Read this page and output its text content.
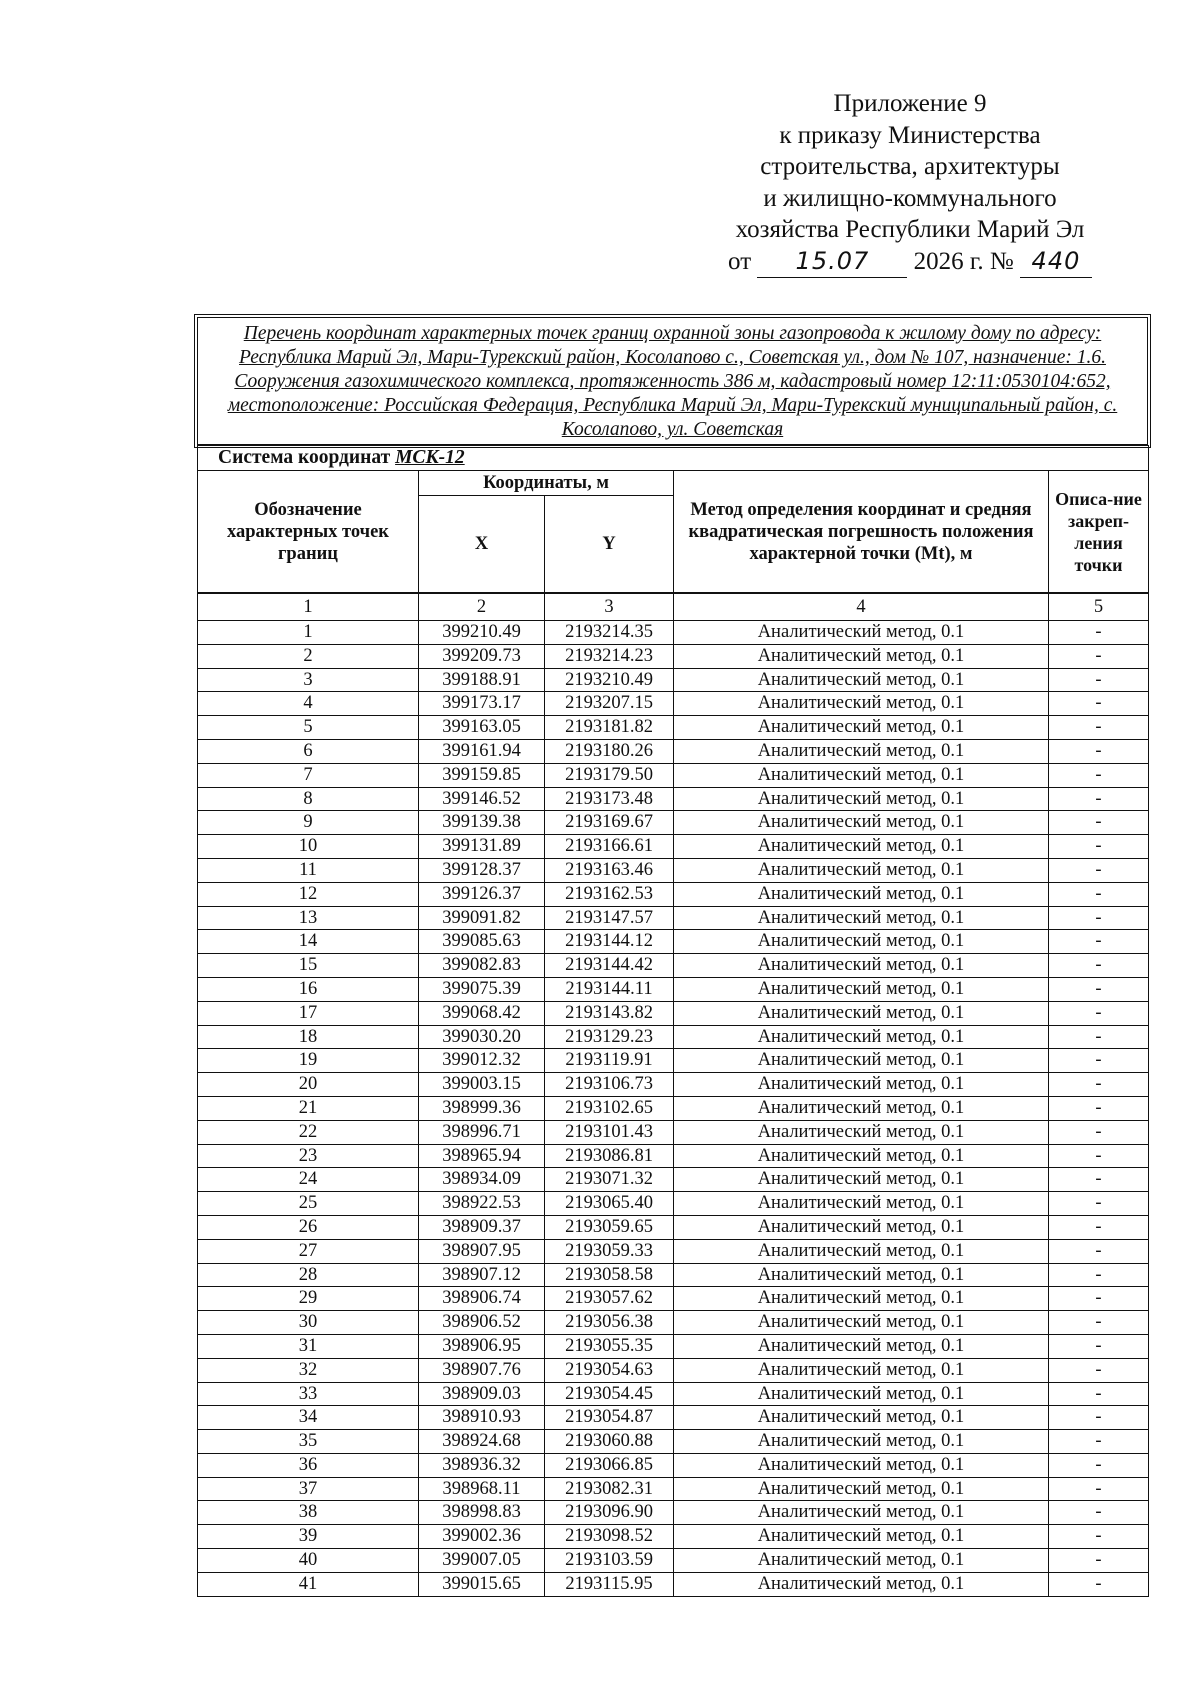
Приложение 9
к приказу Министерства
строительства, архитектуры
и жилищно-коммунального
хозяйства Республики Марий Эл
от 15.07 2026 г. № 440
Перечень координат характерных точек границ охранной зоны газопровода к жилому дому по адресу: Республика Марий Эл, Мари-Турекский район, Косолапово с., Советская ул., дом № 107, назначение: 1.6. Сооружения газохимического комплекса, протяженность 386 м, кадастровый номер 12:11:0530104:652, местоположение: Российская Федерация, Республика Марий Эл, Мари-Турекский муниципальный район, с. Косолапово, ул. Советская
Система координат МСК-12				
Обозначение характерных точек границ	Координаты, м		Метод определения координат и средняя квадратическая погрешность положения характерной точки (Mt), м	Описа-ние закреп-ления точки
	X	Y		
1	2	3	4	5
1	399210.49	2193214.35	Аналитический метод, 0.1	-
2	399209.73	2193214.23	Аналитический метод, 0.1	-
3	399188.91	2193210.49	Аналитический метод, 0.1	-
4	399173.17	2193207.15	Аналитический метод, 0.1	-
5	399163.05	2193181.82	Аналитический метод, 0.1	-
6	399161.94	2193180.26	Аналитический метод, 0.1	-
7	399159.85	2193179.50	Аналитический метод, 0.1	-
8	399146.52	2193173.48	Аналитический метод, 0.1	-
9	399139.38	2193169.67	Аналитический метод, 0.1	-
10	399131.89	2193166.61	Аналитический метод, 0.1	-
11	399128.37	2193163.46	Аналитический метод, 0.1	-
12	399126.37	2193162.53	Аналитический метод, 0.1	-
13	399091.82	2193147.57	Аналитический метод, 0.1	-
14	399085.63	2193144.12	Аналитический метод, 0.1	-
15	399082.83	2193144.42	Аналитический метод, 0.1	-
16	399075.39	2193144.11	Аналитический метод, 0.1	-
17	399068.42	2193143.82	Аналитический метод, 0.1	-
18	399030.20	2193129.23	Аналитический метод, 0.1	-
19	399012.32	2193119.91	Аналитический метод, 0.1	-
20	399003.15	2193106.73	Аналитический метод, 0.1	-
21	398999.36	2193102.65	Аналитический метод, 0.1	-
22	398996.71	2193101.43	Аналитический метод, 0.1	-
23	398965.94	2193086.81	Аналитический метод, 0.1	-
24	398934.09	2193071.32	Аналитический метод, 0.1	-
25	398922.53	2193065.40	Аналитический метод, 0.1	-
26	398909.37	2193059.65	Аналитический метод, 0.1	-
27	398907.95	2193059.33	Аналитический метод, 0.1	-
28	398907.12	2193058.58	Аналитический метод, 0.1	-
29	398906.74	2193057.62	Аналитический метод, 0.1	-
30	398906.52	2193056.38	Аналитический метод, 0.1	-
31	398906.95	2193055.35	Аналитический метод, 0.1	-
32	398907.76	2193054.63	Аналитический метод, 0.1	-
33	398909.03	2193054.45	Аналитический метод, 0.1	-
34	398910.93	2193054.87	Аналитический метод, 0.1	-
35	398924.68	2193060.88	Аналитический метод, 0.1	-
36	398936.32	2193066.85	Аналитический метод, 0.1	-
37	398968.11	2193082.31	Аналитический метод, 0.1	-
38	398998.83	2193096.90	Аналитический метод, 0.1	-
39	399002.36	2193098.52	Аналитический метод, 0.1	-
40	399007.05	2193103.59	Аналитический метод, 0.1	-
41	399015.65	2193115.95	Аналитический метод, 0.1	-
